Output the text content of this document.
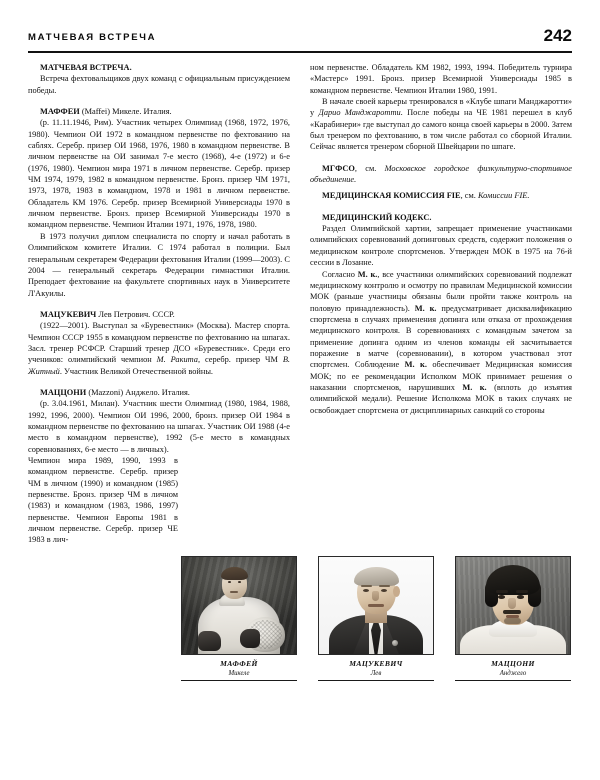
МАТЧЕВАЯ ВСТРЕЧА	242
МАТЧЕВАЯ ВСТРЕЧА.

Встреча фехтовальщиков двух команд с официальным присуждением победы.

МАФФЕИ (Maffei) Микеле. Италия.

(р. 11.11.1946, Рим). Участник четырех Олимпиад (1968, 1972, 1976, 1980). Чемпион ОИ 1972 в командном первенстве по фехтованию на саблях. Серебр. призер ОИ 1968, 1976, 1980 в командном первенстве. В личном первенстве на ОИ занимал 7-е место (1968), 4-е (1972) и 6-е (1976, 1980). Чемпион мира 1971 в личном первенстве. Серебр. призер ЧМ 1974, 1979, 1982 в командном первенстве. Бронз. призер ЧМ 1971, 1973, 1978, 1983 в командном, 1978 и 1981 в личном первенстве. Обладатель КМ 1976. Серебр. призер Всемирной Универсиады 1970 в личном первенстве. Бронз. призер Всемирной Универсиады 1970 в командном первенстве. Чемпион Италии 1971, 1976, 1978, 1980.

В 1973 получил диплом специалиста по спорту и начал работать в Олимпийском комитете Италии. С 1974 работал в полиции. Был генеральным секретарем Федерации фехтования Италии (1999—2003). С 2004 — генеральный секретарь Федерации гимнастики Италии. Преподает фехтование на факультете спортивных наук в Университете Л'Акуилы.

МАЦУКЕВИЧ Лев Петрович. СССР.

(1922—2001). Выступал за «Буревестник» (Москва). Мастер спорта. Чемпион СССР 1955 в командном первенстве по фехтованию на шпагах. Засл. тренер РСФСР. Старший тренер ДСО «Буревестник». Среди его учеников: олимпийский чемпион М. Ракита, серебр. призер ЧМ В. Житный. Участник Великой Отечественной войны.

МАЦЦОНИ (Mazzoni) Анджело. Италия.

(р. 3.04.1961, Милан). Участник шести Олимпиад (1980, 1984, 1988, 1992, 1996, 2000). Чемпион ОИ 1996, 2000, бронз. призер ОИ 1984 в командном первенстве по фехтованию на шпагах. Участник ОИ 1988 (4-е место в командном первенстве), 1992 (5-е место в командных соревнованиях, 6-е место — в личных).

Чемпион мира 1989, 1990, 1993 в командном первенстве. Серебр. призер ЧМ в личном (1990) и командном (1985) первенстве. Бронз. призер ЧМ в личном (1983) и командном (1983, 1986, 1997) первенстве. Чемпион Европы 1981 в личном первенстве. Серебр. призер ЧЕ 1983 в лич-

ном первенстве. Обладатель КМ 1982, 1993, 1994. Победитель турнира «Мастерс» 1991. Бронз. призер Всемирной Универсиады 1985 в командном первенстве. Чемпион Италии 1980, 1991.

В начале своей карьеры тренировался в «Клубе шпаги Манджаротти» у Дарио Манджаротти. После победы на ЧЕ 1981 перешел в клуб «Карабинери» где выступал до самого конца своей карьеры в 2000. Затем был тренером по фехтованию, в том числе работал со сборной Италии. Сейчас является тренером сборной Швейцарии по шпаге.

МГФСО, см. Московское городское физкультурно-спортивное объединение.

МЕДИЦИНСКАЯ КОМИССИЯ FIE, см. Комиссии FIE.

МЕДИЦИНСКИЙ КОДЕКС.

Раздел Олимпийской хартии, запрещает применение участниками олимпийских соревнований допинговых средств, содержит положения о медицинском контроле спортсменов. Утвержден МОК в 1975 на 76-й сессии в Лозанне.

Согласно М. к., все участники олимпийских соревнований подлежат медицинскому контролю и осмотру по правилам Медицинской комиссии МОК (раньше участницы обязаны были пройти также контроль на половую принадлежность). М. к. предусматривает дисквалификацию спортсмена в случаях применения допинга или отказа от прохождения медицинского контроля. В соревнованиях с командным зачетом за применение допинга одним из членов команды ей засчитывается поражение в матче (соревновании), в котором участвовал этот спортсмен. Соблюдение М. к. обеспечивает Медицинская комиссия МОК; по ее рекомендации Исполком МОК принимает решения о наказании спортсменов, нарушивших М. к. (вплоть до изъятия олимпийской медали). Решение Исполкома МОК в таких случаях не освобождает спортсмена от дисциплинарных санкций со стороны

МАФФЕЙ
Микеле
МАЦУКЕВИЧ
Лев
МАЦЦОНИ
Анджело
